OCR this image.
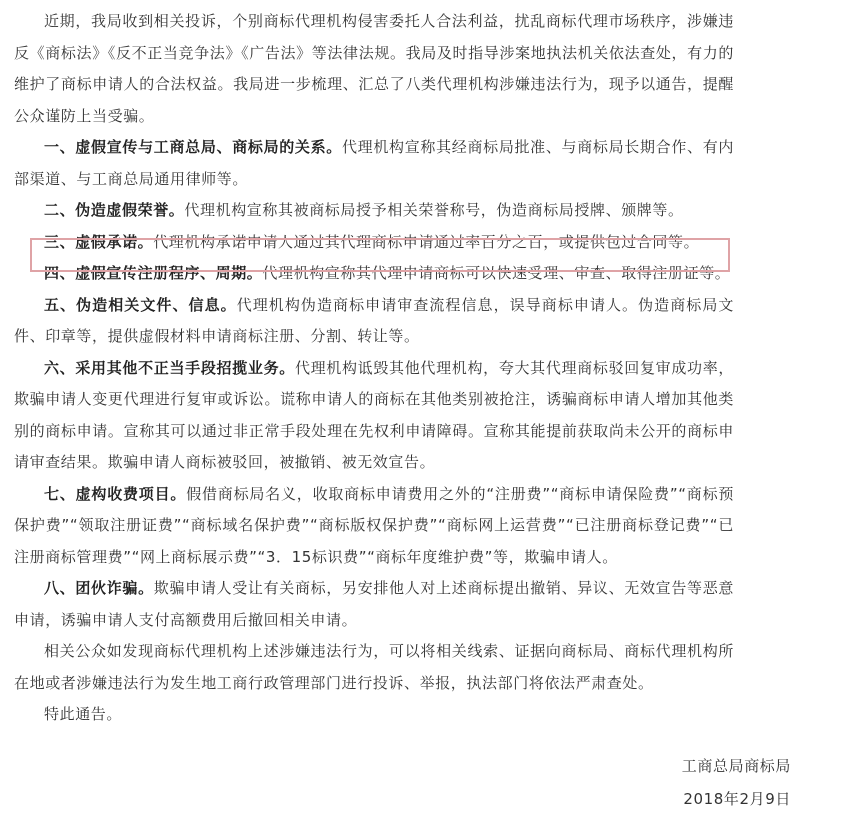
近期，我局收到相关投诉，个别商标代理机构侵害委托人合法利益，扰乱商标代理市场秩序，涉嫌违反《商标法》《反不正当竞争法》《广告法》等法律法规。我局及时指导涉案地执法机关依法查处，有力的维护了商标申请人的合法权益。我局进一步梳理、汇总了八类代理机构涉嫌违法行为，现予以通告，提醒公众谨防上当受骗。

一、虚假宣传与工商总局、商标局的关系。代理机构宣称其经商标局批准、与商标局长期合作、有内部渠道、与工商总局通用律师等。

二、伪造虚假荣誉。代理机构宣称其被商标局授予相关荣誉称号，伪造商标局授牌、颁牌等。

三、虚假承诺。代理机构承诺申请人通过其代理商标申请通过率百分之百，或提供包过合同等。

四、虚假宣传注册程序、周期。代理机构宣称其代理申请商标可以快速受理、审查、取得注册证等。

五、伪造相关文件、信息。代理机构伪造商标申请审查流程信息，误导商标申请人。伪造商标局文件、印章等，提供虚假材料申请商标注册、分割、转让等。

六、采用其他不正当手段招揽业务。代理机构诋毁其他代理机构，夸大其代理商标驳回复审成功率，欺骗申请人变更代理进行复审或诉讼。谎称申请人的商标在其他类别被抢注，诱骗商标申请人增加其他类别的商标申请。宣称其可以通过非正常手段处理在先权利申请障碍。宣称其能提前获取尚未公开的商标申请审查结果。欺骗申请人商标被驳回，被撤销、被无效宣告。

七、虚构收费项目。假借商标局名义，收取商标申请费用之外的“注册费”“商标申请保险费”“商标预保护费”“领取注册证费”“商标域名保护费”“商标版权保护费”“商标网上运营费”“已注册商标登记费”“已注册商标管理费”“网上商标展示费”“3．15标识费”“商标年度维护费”等，欺骗申请人。

八、团伙诈骗。欺骗申请人受让有关商标，另安排他人对上述商标提出撤销、异议、无效宣告等恶意申请，诱骗申请人支付高额费用后撤回相关申请。

相关公众如发现商标代理机构上述涉嫌违法行为，可以将相关线索、证据向商标局、商标代理机构所在地或者涉嫌违法行为发生地工商行政管理部门进行投诉、举报，执法部门将依法严肃查处。

特此通告。

工商总局商标局
2018年2月9日
